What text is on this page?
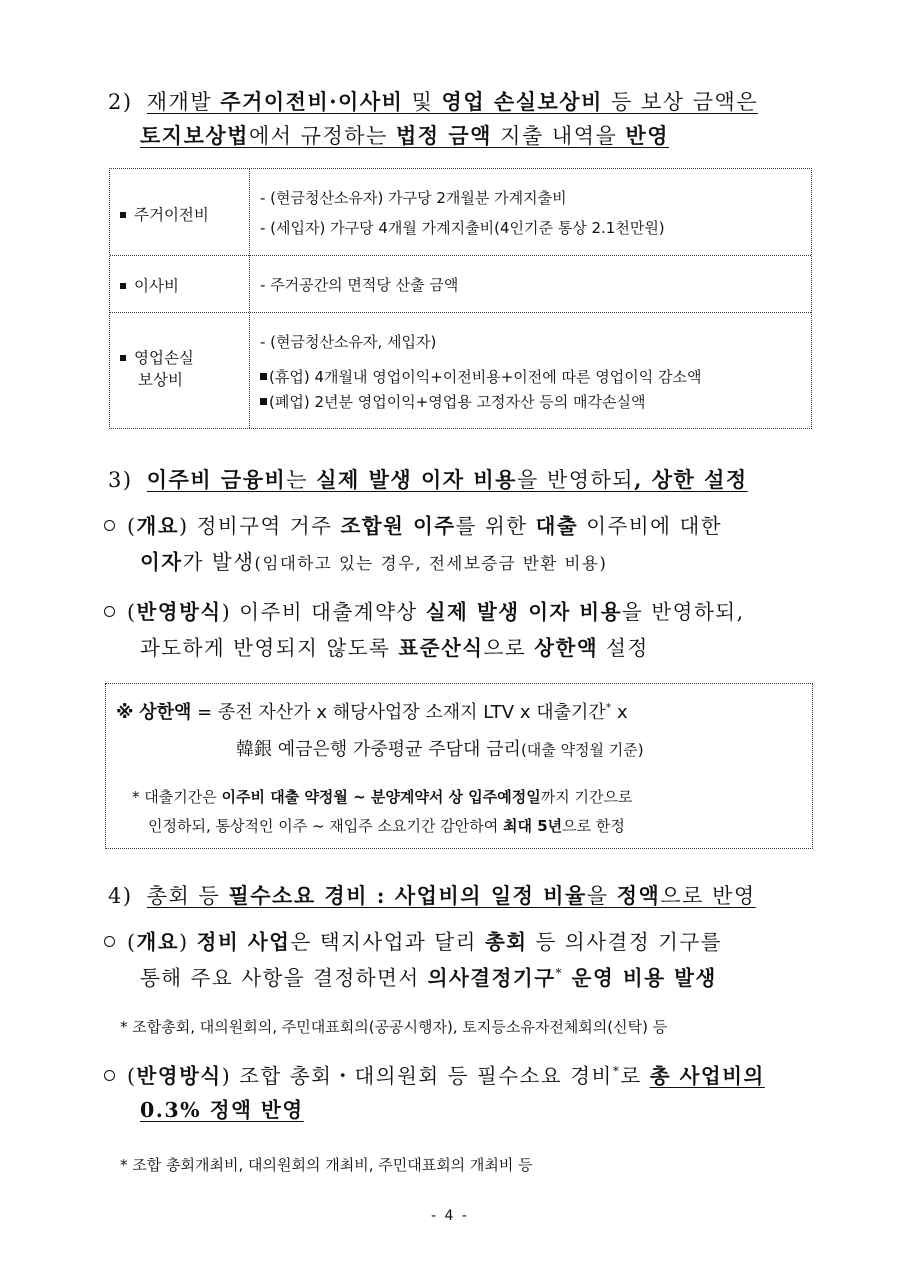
2) 재개발 주거이전비·이사비 및 영업 손실보상비 등 보상 금액은
토지보상법에서 규정하는 법정 금액 지출 내역을 반영
주거이전비
- (현금청산소유자) 가구당 2개월분 가계지출비
- (세입자) 가구당 4개월 가계지출비(4인기준 통상 2.1천만원)
이사비	- 주거공간의 면적당 산출 금액
영업손실
보상비
- (현금청산소유자, 세입자)
(휴업) 4개월내 영업이익+이전비용+이전에 따른 영업이익 감소액
(폐업) 2년분 영업이익+영업용 고정자산 등의 매각손실액
3) 이주비 금융비는 실제 발생 이자 비용을 반영하되, 상한 설정
(개요) 정비구역 거주 조합원 이주를 위한 대출 이주비에 대한
이자가 발생(임대하고 있는 경우, 전세보증금 반환 비용)
(반영방식) 이주비 대출계약상 실제 발생 이자 비용을 반영하되,
과도하게 반영되지 않도록 표준산식으로 상한액 설정
※ 상한액 = 종전 자산가 x 해당사업장 소재지 LTV x 대출기간* x
韓銀 예금은행 가중평균 주담대 금리(대출 약정월 기준)
* 대출기간은 이주비 대출 약정월 ~ 분양계약서 상 입주예정일까지 기간으로
인정하되, 통상적인 이주 ~ 재입주 소요기간 감안하여 최대 5년으로 한정
4) 총회 등 필수소요 경비 : 사업비의 일정 비율을 정액으로 반영
(개요) 정비 사업은 택지사업과 달리 총회 등 의사결정 기구를
통해 주요 사항을 결정하면서 의사결정기구* 운영 비용 발생
* 조합총회, 대의원회의, 주민대표회의(공공시행자), 토지등소유자전체회의(신탁) 등
(반영방식) 조합 총회・대의원회 등 필수소요 경비*로 총 사업비의
0.3% 정액 반영
* 조합 총회개최비, 대의원회의 개최비, 주민대표회의 개최비 등
- 4 -
